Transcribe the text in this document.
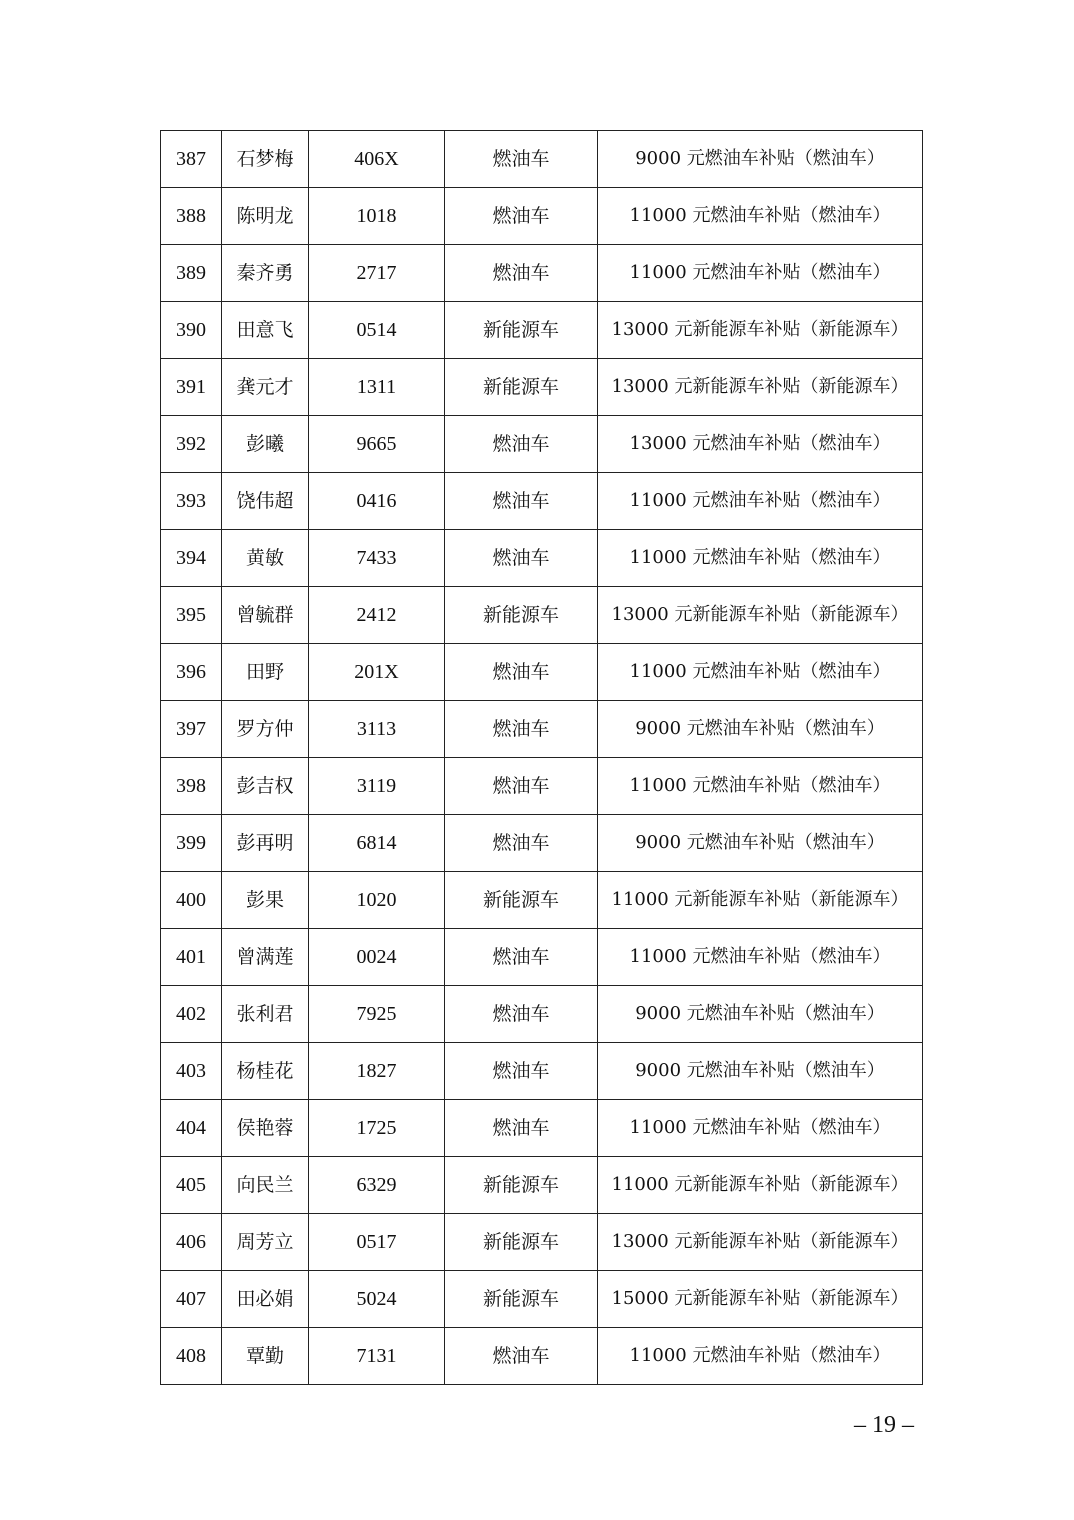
387	石梦梅	406X	燃油车	9000 元燃油车补贴（燃油车）
388	陈明龙	1018	燃油车	11000 元燃油车补贴（燃油车）
389	秦齐勇	2717	燃油车	11000 元燃油车补贴（燃油车）
390	田意飞	0514	新能源车	13000 元新能源车补贴（新能源车）
391	龚元才	1311	新能源车	13000 元新能源车补贴（新能源车）
392	彭曦	9665	燃油车	13000 元燃油车补贴（燃油车）
393	饶伟超	0416	燃油车	11000 元燃油车补贴（燃油车）
394	黄敏	7433	燃油车	11000 元燃油车补贴（燃油车）
395	曾毓群	2412	新能源车	13000 元新能源车补贴（新能源车）
396	田野	201X	燃油车	11000 元燃油车补贴（燃油车）
397	罗方仲	3113	燃油车	9000 元燃油车补贴（燃油车）
398	彭吉权	3119	燃油车	11000 元燃油车补贴（燃油车）
399	彭再明	6814	燃油车	9000 元燃油车补贴（燃油车）
400	彭果	1020	新能源车	11000 元新能源车补贴（新能源车）
401	曾满莲	0024	燃油车	11000 元燃油车补贴（燃油车）
402	张利君	7925	燃油车	9000 元燃油车补贴（燃油车）
403	杨桂花	1827	燃油车	9000 元燃油车补贴（燃油车）
404	侯艳蓉	1725	燃油车	11000 元燃油车补贴（燃油车）
405	向民兰	6329	新能源车	11000 元新能源车补贴（新能源车）
406	周芳立	0517	新能源车	13000 元新能源车补贴（新能源车）
407	田必娟	5024	新能源车	15000 元新能源车补贴（新能源车）
408	覃勤	7131	燃油车	11000 元燃油车补贴（燃油车）
– 19 –
